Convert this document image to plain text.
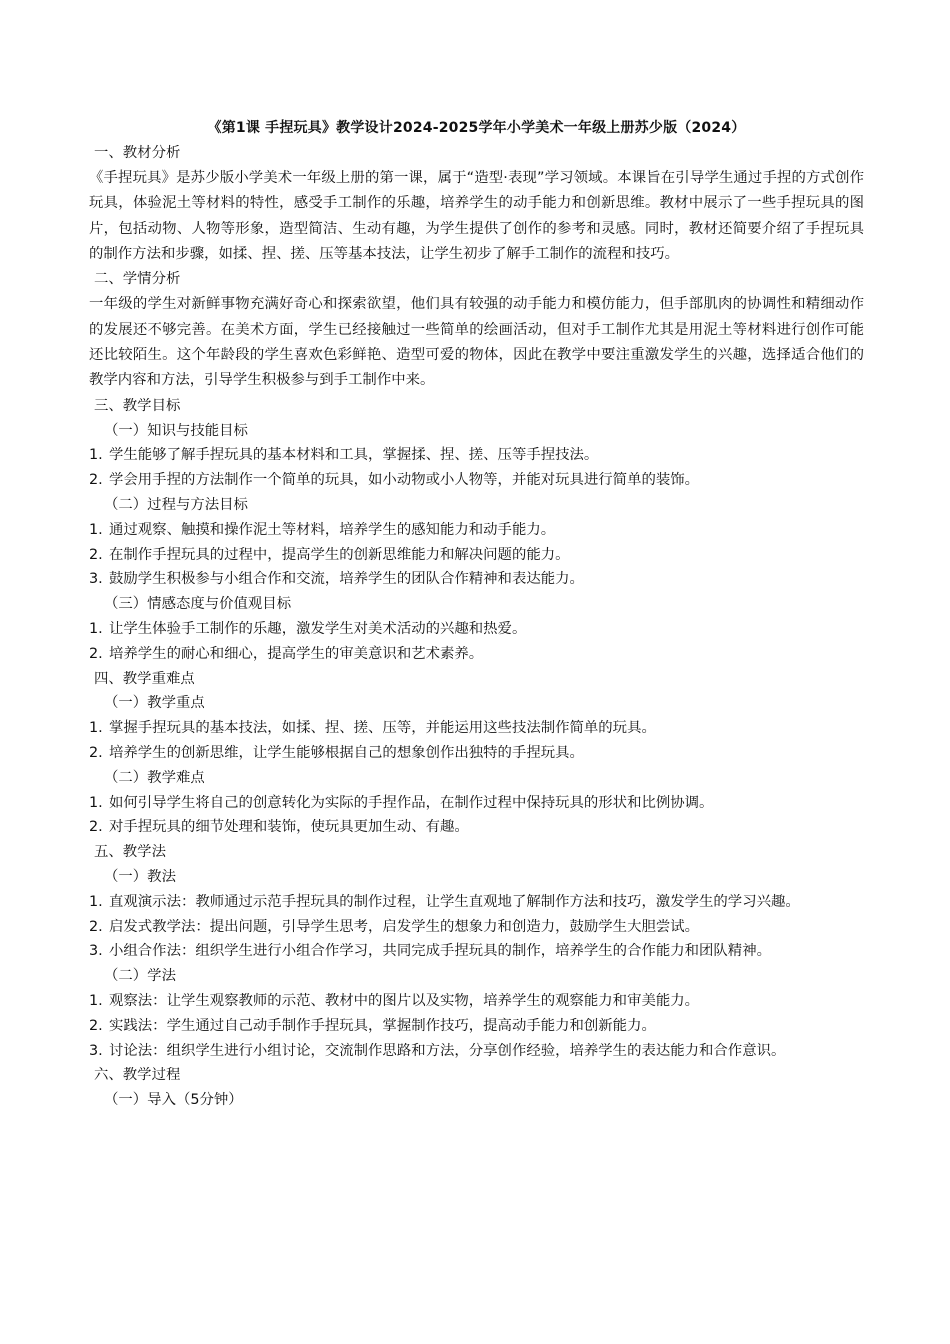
《第1课 手捏玩具》教学设计2024-2025学年小学美术一年级上册苏少版（2024）

一、教材分析

《手捏玩具》是苏少版小学美术一年级上册的第一课，属于“造型·表现”学习领域。本课旨在引导学生通过手捏的方式创作玩具，体验泥土等材料的特性，感受手工制作的乐趣，培养学生的动手能力和创新思维。教材中展示了一些手捏玩具的图片，包括动物、人物等形象，造型简洁、生动有趣，为学生提供了创作的参考和灵感。同时，教材还简要介绍了手捏玩具的制作方法和步骤，如揉、捏、搓、压等基本技法，让学生初步了解手工制作的流程和技巧。

二、学情分析

一年级的学生对新鲜事物充满好奇心和探索欲望，他们具有较强的动手能力和模仿能力，但手部肌肉的协调性和精细动作的发展还不够完善。在美术方面，学生已经接触过一些简单的绘画活动，但对手工制作尤其是用泥土等材料进行创作可能还比较陌生。这个年龄段的学生喜欢色彩鲜艳、造型可爱的物体，因此在教学中要注重激发学生的兴趣，选择适合他们的教学内容和方法，引导学生积极参与到手工制作中来。

三、教学目标

（一）知识与技能目标

1. 学生能够了解手捏玩具的基本材料和工具，掌握揉、捏、搓、压等手捏技法。
2. 学会用手捏的方法制作一个简单的玩具，如小动物或小人物等，并能对玩具进行简单的装饰。

（二）过程与方法目标

1. 通过观察、触摸和操作泥土等材料，培养学生的感知能力和动手能力。
2. 在制作手捏玩具的过程中，提高学生的创新思维能力和解决问题的能力。
3. 鼓励学生积极参与小组合作和交流，培养学生的团队合作精神和表达能力。

（三）情感态度与价值观目标

1. 让学生体验手工制作的乐趣，激发学生对美术活动的兴趣和热爱。
2. 培养学生的耐心和细心，提高学生的审美意识和艺术素养。

四、教学重难点

（一）教学重点

1. 掌握手捏玩具的基本技法，如揉、捏、搓、压等，并能运用这些技法制作简单的玩具。
2. 培养学生的创新思维，让学生能够根据自己的想象创作出独特的手捏玩具。

（二）教学难点

1. 如何引导学生将自己的创意转化为实际的手捏作品，在制作过程中保持玩具的形状和比例协调。
2. 对手捏玩具的细节处理和装饰，使玩具更加生动、有趣。

五、教学法

（一）教法

1. 直观演示法：教师通过示范手捏玩具的制作过程，让学生直观地了解制作方法和技巧，激发学生的学习兴趣。
2. 启发式教学法：提出问题，引导学生思考，启发学生的想象力和创造力，鼓励学生大胆尝试。
3. 小组合作法：组织学生进行小组合作学习，共同完成手捏玩具的制作，培养学生的合作能力和团队精神。

（二）学法

1. 观察法：让学生观察教师的示范、教材中的图片以及实物，培养学生的观察能力和审美能力。
2. 实践法：学生通过自己动手制作手捏玩具，掌握制作技巧，提高动手能力和创新能力。
3. 讨论法：组织学生进行小组讨论，交流制作思路和方法，分享创作经验，培养学生的表达能力和合作意识。

六、教学过程

（一）导入（5分钟）
